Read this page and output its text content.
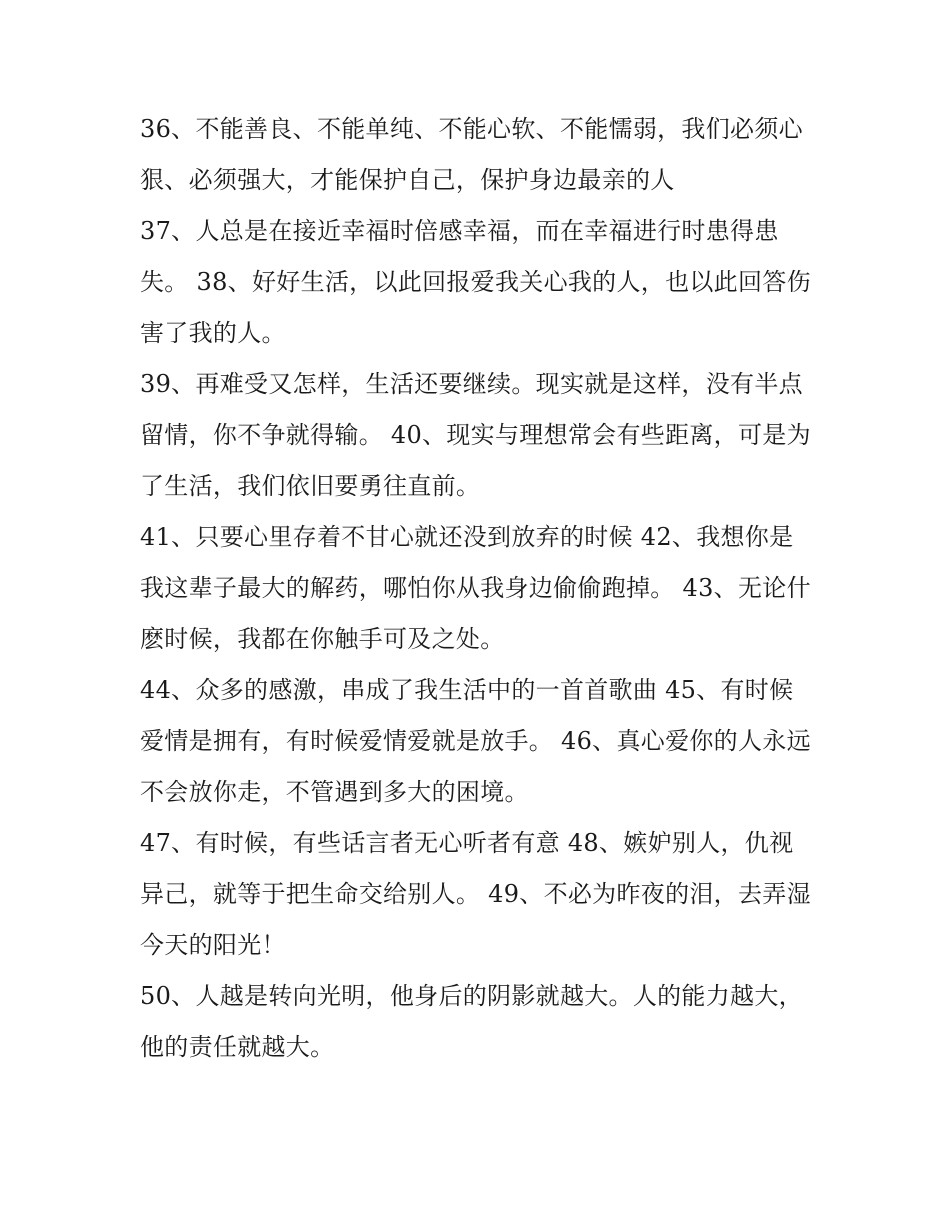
36、不能善良、不能单纯、不能心软、不能懦弱，我们必须心狠、必须强大，才能保护自己，保护身边最亲的人

37、人总是在接近幸福时倍感幸福，而在幸福进行时患得患失。 38、好好生活，以此回报爱我关心我的人，也以此回答伤害了我的人。

39、再难受又怎样，生活还要继续。现实就是这样，没有半点留情，你不争就得输。 40、现实与理想常会有些距离，可是为了生活，我们依旧要勇往直前。

41、只要心里存着不甘心就还没到放弃的时候 42、我想你是我这辈子最大的解药，哪怕你从我身边偷偷跑掉。 43、无论什麽时候，我都在你触手可及之处。

44、众多的感激，串成了我生活中的一首首歌曲 45、有时候爱情是拥有，有时候爱情爱就是放手。 46、真心爱你的人永远不会放你走，不管遇到多大的困境。

47、有时候，有些话言者无心听者有意 48、嫉妒别人，仇视异己，就等于把生命交给别人。 49、不必为昨夜的泪，去弄湿今天的阳光！

50、人越是转向光明，他身后的阴影就越大。人的能力越大，他的责任就越大。
